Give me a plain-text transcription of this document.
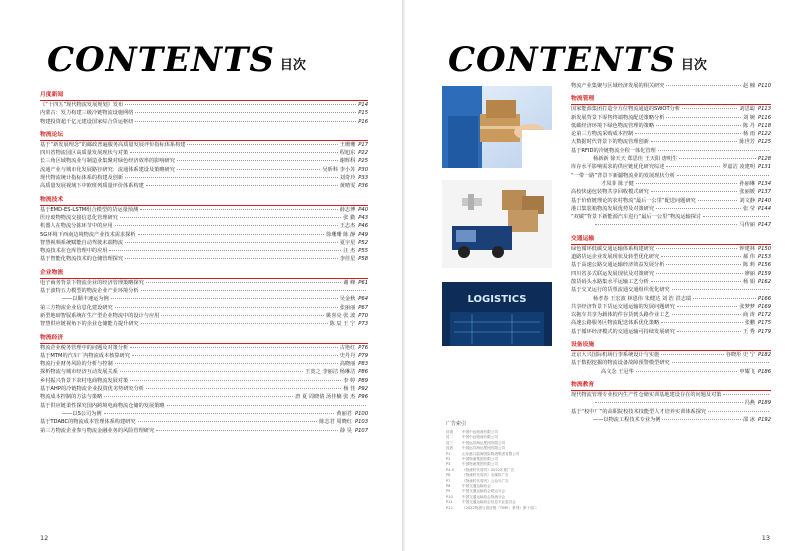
CONTENTS 目次
月度新闻
《“十四五”现代物流发展规划》发布	P14
内蒙古：发力构建三级冷链物流设施网络	P15
物建投资超千亿元建设国家综合货运枢纽	P16
物流论坛
基于“新发展理念”的邮政普遍服务高质量发展评价指标体系构建	王珊珊 P17
四川省物流园区高质量发展现状与对策	程旭东 P22
长三角区域物流业与制造业集聚对绿色经济效率的影响研究	谢辉科 P25
流通产业与城市化发展路径研究：流通体系建设及策略研究	吴昕科 李小苏 P30
现代物流统计指标体系的构建及创新	刘奇玲 P33
高质量发展视域下中欧班列质量评价体系构建	黄晴雯 P36
物流技术
基于EMD-ES-LSTM组合模型的货运量预测	薛志博 P40
医疗废物物流交接信息化管理研究	张 勤 P43
机器人在物流分拣环节中的应用	王志杰 P46
5G环境下西南边境物流产业技术需求探析	徐珊珊 陈 静 P49
智慧视频系统赋能自动驾驶末端物流	夏宇星 P52
物流技术在仓库管理中的应用	汪 杰 P55
基于智能化物流技术的仓储管理探究	李佳星 P58
企业物流
电子商务背景下物流企业的经济管理策略探究	谢 峰 P61
基于波特五力模型的物流企业产业环境分析
——以顺丰速运为例	吴金秋 P64
第三方物流企业信息化建设研究	张丽丽 P67
新型地磅智驭系统在生产型企业物流中的设计与应用	姚喜亮 张 波 P70
智慧供应链视角下的企业仓储能力提升研究	陈 辰 王 宁 P73
物流经济
物流企业税务管理中的问题及对策分析	古艳红 P76
基于MTM的汽车厂内物流成本核算研究	史丹丹 P79
物流行业财务风险的分析与控制	高晓丽 P83
探析物流与城市经济互动发展关系	王宽之 李丽洁 杨琳洁 P86
乡村振兴背景下农村电商物流发展对策	李 婷 P89
基于AHP的冷链物流企业投资优劣势研究分析	杨 佳 P92
物流成本控制的方法与策略	唐 夏 周晓倩 汤佳楠 张 杰 P96
基于供应链柔性探究国内跨境电商物流仓储的发展策略
——以S公司为例	黄丽君 P100
基于TDABC的物流成本管理体系构建研究	陈志君 周晓红 P103
第三方物流企业参与物流金融业务的风险管理研究	薛 昊 P107
12
CONTENTS 目次
物流产业集聚与区域经济发展的相关研究	赵 楠 P110
物流管理
国家能源集团打造全方位物流通道的SWOT分析	刘思聪 P113
新发展背景下零售终端物流配送策略分析	刘 婉 P116
低碳经济环境下绿色物流管理的策略	陈 丹 P118
论第三方物流采购成本控制	杨 雨 P122
大数据时代背景下的物流管理创新	陈世芳 P125
基于RFID的冷链物流全程一体化管理
杨新新 徐天天 郑思佳 王天阳 唐明生	P128
库存水平影响需求的供应链优化研究综述	罗嘉洁 凌建明 P131
“一带一路”背景下新疆物流业的发展现状分析
才凤菲 陈子健	孙丽琳 P134
高校快递包装物共享回收模式研究	张丽媛 P137
基于价值链理论的农村物流“最后一公里”配送问题研究	刘文静 P140
港口集装箱物流发展优势及对策研究	张 莹 P144
“双碳”背景下新能源汽车进行“最后一公里”物流运输探讨
马传丽 P147
交通运输
绿色循环低碳交通运输体系构建研究	钟建林 P150
道路货运企业发展现状及转型优化研究	郝 伟 P153
基于高速公路交通运输经济效益发展分析	陈 莉 P156
四川省多式联运发展现状及对策研究	廖丽 P159
散货码头水路集水平运输工艺分析	杨 娟 P162
基于交叉运行的货票流通交通组织优化研究
杨孝春 王宏波 林恩伟 朱健达 刘 浩 洪志瑞	P166
共享经济背景下货运交通运输的发展问题研究	张梦梦 P169
以拖车共享为载体的件存货到头路作业工艺	商 涛 P172
高速公路服务区物流配送体系优化策略	张鹏 P175
基于循环经济模式的交通运输可持续发展研究	王 秀 P179
设备设施
北京大兴国际机场行李系统设计与实施	谷晓彤 史 宁 P182
基于数据挖掘的物流设备故障预警模型研究
高文念 王冠华	申耀飞 P186
物流教育
现代物流管理专业校内生产性仓储实训基地建设存在的问题及对策
冯燕 P189
基于“校中厂”的高职院校技术技能型人才培养实训体系探究
——以物流工程技术专业为例	邵 冰 P192
13
LOGISTICS
广告索引
封面	中国中远物流有限公司
封二	中国中远物流有限公司
封三	中国远洋海运集团有限公司
封底	中国远洋海运集团有限公司
P1	山东港口陆海国际物流集团有限公司
P2	中国物流集团有限公司
P3	中国物流集团有限公司
P4-5	《物流时代周刊》2022年度广告
P6	《物流时代周刊》全媒体广告
P7	《物流时代周刊》公众号广告
P8	中国交通运输协会
P9	中国交通运输协会联运分会
P10	中国交通运输协会物流分会
P11	中国交通运输协会信息专业委员会
P12	《2022物流与供应链〈TIME〉系列》第十届二
